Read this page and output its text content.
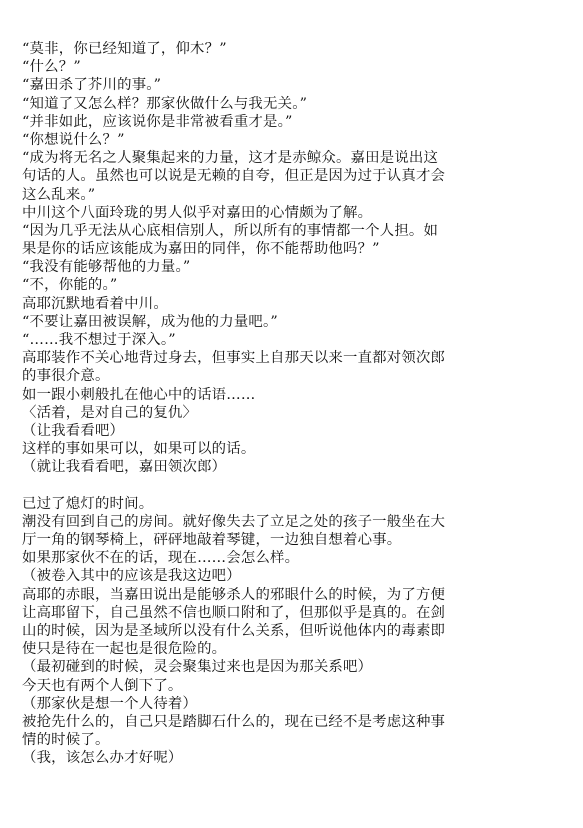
“莫非，你已经知道了，仰木？”
“什么？”
“嘉田杀了芥川的事。”
“知道了又怎么样？那家伙做什么与我无关。”
“并非如此，应该说你是非常被看重才是。”
“你想说什么？”
“成为将无名之人聚集起来的力量，这才是赤鲸众。嘉田是说出这
句话的人。虽然也可以说是无赖的自夸，但正是因为过于认真才会
这么乱来。”
中川这个八面玲珑的男人似乎对嘉田的心情颇为了解。
“因为几乎无法从心底相信别人，所以所有的事情都一个人担。如
果是你的话应该能成为嘉田的同伴，你不能帮助他吗？”
“我没有能够帮他的力量。”
“不，你能的。”
高耶沉默地看着中川。
“不要让嘉田被误解，成为他的力量吧。”
“……我不想过于深入。”
高耶装作不关心地背过身去，但事实上自那天以来一直都对领次郎
的事很介意。
如一跟小刺般扎在他心中的话语……
〈活着，是对自己的复仇〉
（让我看看吧）
这样的事如果可以，如果可以的话。
（就让我看看吧，嘉田领次郎）
已过了熄灯的时间。
潮没有回到自己的房间。就好像失去了立足之处的孩子一般坐在大
厅一角的钢琴椅上，砰砰地敲着琴键，一边独自想着心事。
如果那家伙不在的话，现在……会怎么样。
（被卷入其中的应该是我这边吧）
高耶的赤眼，当嘉田说出是能够杀人的邪眼什么的时候，为了方便
让高耶留下，自己虽然不信也顺口附和了，但那似乎是真的。在剑
山的时候，因为是圣域所以没有什么关系，但听说他体内的毒素即
使只是待在一起也是很危险的。
（最初碰到的时候，灵会聚集过来也是因为那关系吧）
今天也有两个人倒下了。
（那家伙是想一个人待着）
被抢先什么的，自己只是踏脚石什么的，现在已经不是考虑这种事
情的时候了。
（我，该怎么办才好呢）
